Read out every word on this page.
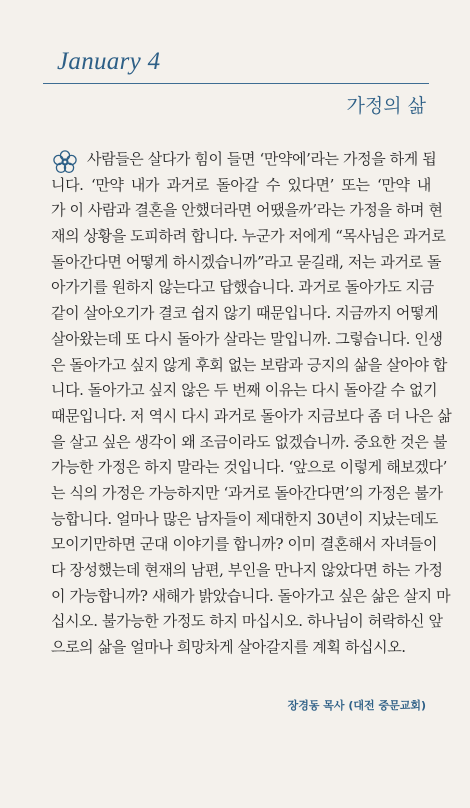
January 4
가정의 삶
사람들은 살다가 힘이 들면 ‘만약에’라는 가정을 하게 됩
니다. ‘만약 내가 과거로 돌아갈 수 있다면’ 또는 ‘만약 내
가 이 사람과 결혼을 안했더라면 어땠을까’라는 가정을 하며 현
재의 상황을 도피하려 합니다. 누군가 저에게 “목사님은 과거로
돌아간다면 어떻게 하시겠습니까”라고 묻길래, 저는 과거로 돌
아가기를 원하지 않는다고 답했습니다. 과거로 돌아가도 지금
같이 살아오기가 결코 쉽지 않기 때문입니다. 지금까지 어떻게
살아왔는데 또 다시 돌아가 살라는 말입니까. 그렇습니다. 인생
은 돌아가고 싶지 않게 후회 없는 보람과 긍지의 삶을 살아야 합
니다. 돌아가고 싶지 않은 두 번째 이유는 다시 돌아갈 수 없기
때문입니다. 저 역시 다시 과거로 돌아가 지금보다 좀 더 나은 삶
을 살고 싶은 생각이 왜 조금이라도 없겠습니까. 중요한 것은 불
가능한 가정은 하지 말라는 것입니다. ‘앞으로 이렇게 해보겠다’
는 식의 가정은 가능하지만 ‘과거로 돌아간다면’의 가정은 불가
능합니다. 얼마나 많은 남자들이 제대한지 30년이 지났는데도
모이기만하면 군대 이야기를 합니까? 이미 결혼해서 자녀들이
다 장성했는데 현재의 남편, 부인을 만나지 않았다면 하는 가정
이 가능합니까? 새해가 밝았습니다. 돌아가고 싶은 삶은 살지 마
십시오. 불가능한 가정도 하지 마십시오. 하나님이 허락하신 앞
으로의 삶을 얼마나 희망차게 살아갈지를 계획 하십시오.
장경동 목사 (대전 중문교회)
